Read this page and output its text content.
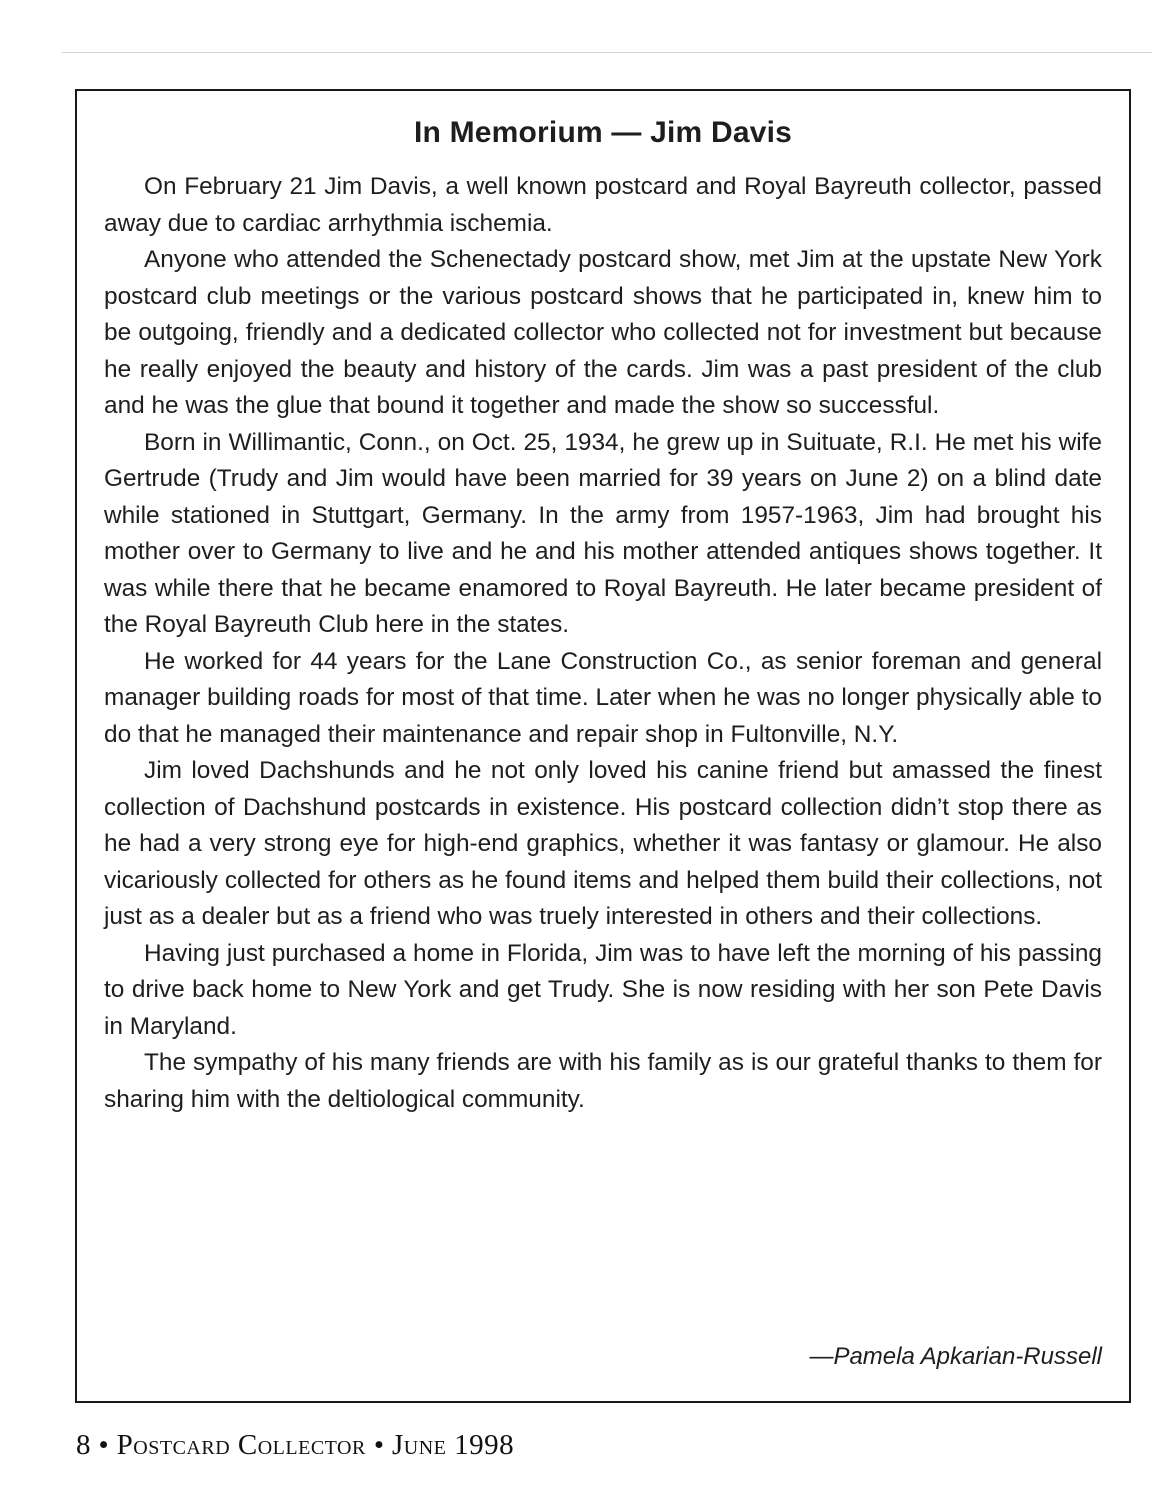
In Memorium — Jim Davis

On February 21 Jim Davis, a well known postcard and Royal Bayreuth collector, passed away due to cardiac arrhythmia ischemia.

Anyone who attended the Schenectady postcard show, met Jim at the upstate New York postcard club meetings or the various postcard shows that he participated in, knew him to be outgoing, friendly and a dedicated collector who collected not for investment but because he really enjoyed the beauty and history of the cards. Jim was a past president of the club and he was the glue that bound it together and made the show so successful.

Born in Willimantic, Conn., on Oct. 25, 1934, he grew up in Suituate, R.I. He met his wife Gertrude (Trudy and Jim would have been married for 39 years on June 2) on a blind date while stationed in Stuttgart, Germany. In the army from 1957-1963, Jim had brought his mother over to Germany to live and he and his mother attended antiques shows together. It was while there that he became enamored to Royal Bayreuth. He later became president of the Royal Bayreuth Club here in the states.

He worked for 44 years for the Lane Construction Co., as senior foreman and general manager building roads for most of that time. Later when he was no longer physically able to do that he managed their maintenance and repair shop in Fultonville, N.Y.

Jim loved Dachshunds and he not only loved his canine friend but amassed the finest collection of Dachshund postcards in existence. His postcard collection didn’t stop there as he had a very strong eye for high-end graphics, whether it was fantasy or glamour. He also vicariously collected for others as he found items and helped them build their collections, not just as a dealer but as a friend who was truely interested in others and their collections.

Having just purchased a home in Florida, Jim was to have left the morning of his passing to drive back home to New York and get Trudy. She is now residing with her son Pete Davis in Maryland.

The sympathy of his many friends are with his family as is our grateful thanks to them for sharing him with the deltiological community.

—Pamela Apkarian-Russell

8 • Postcard Collector • June 1998
